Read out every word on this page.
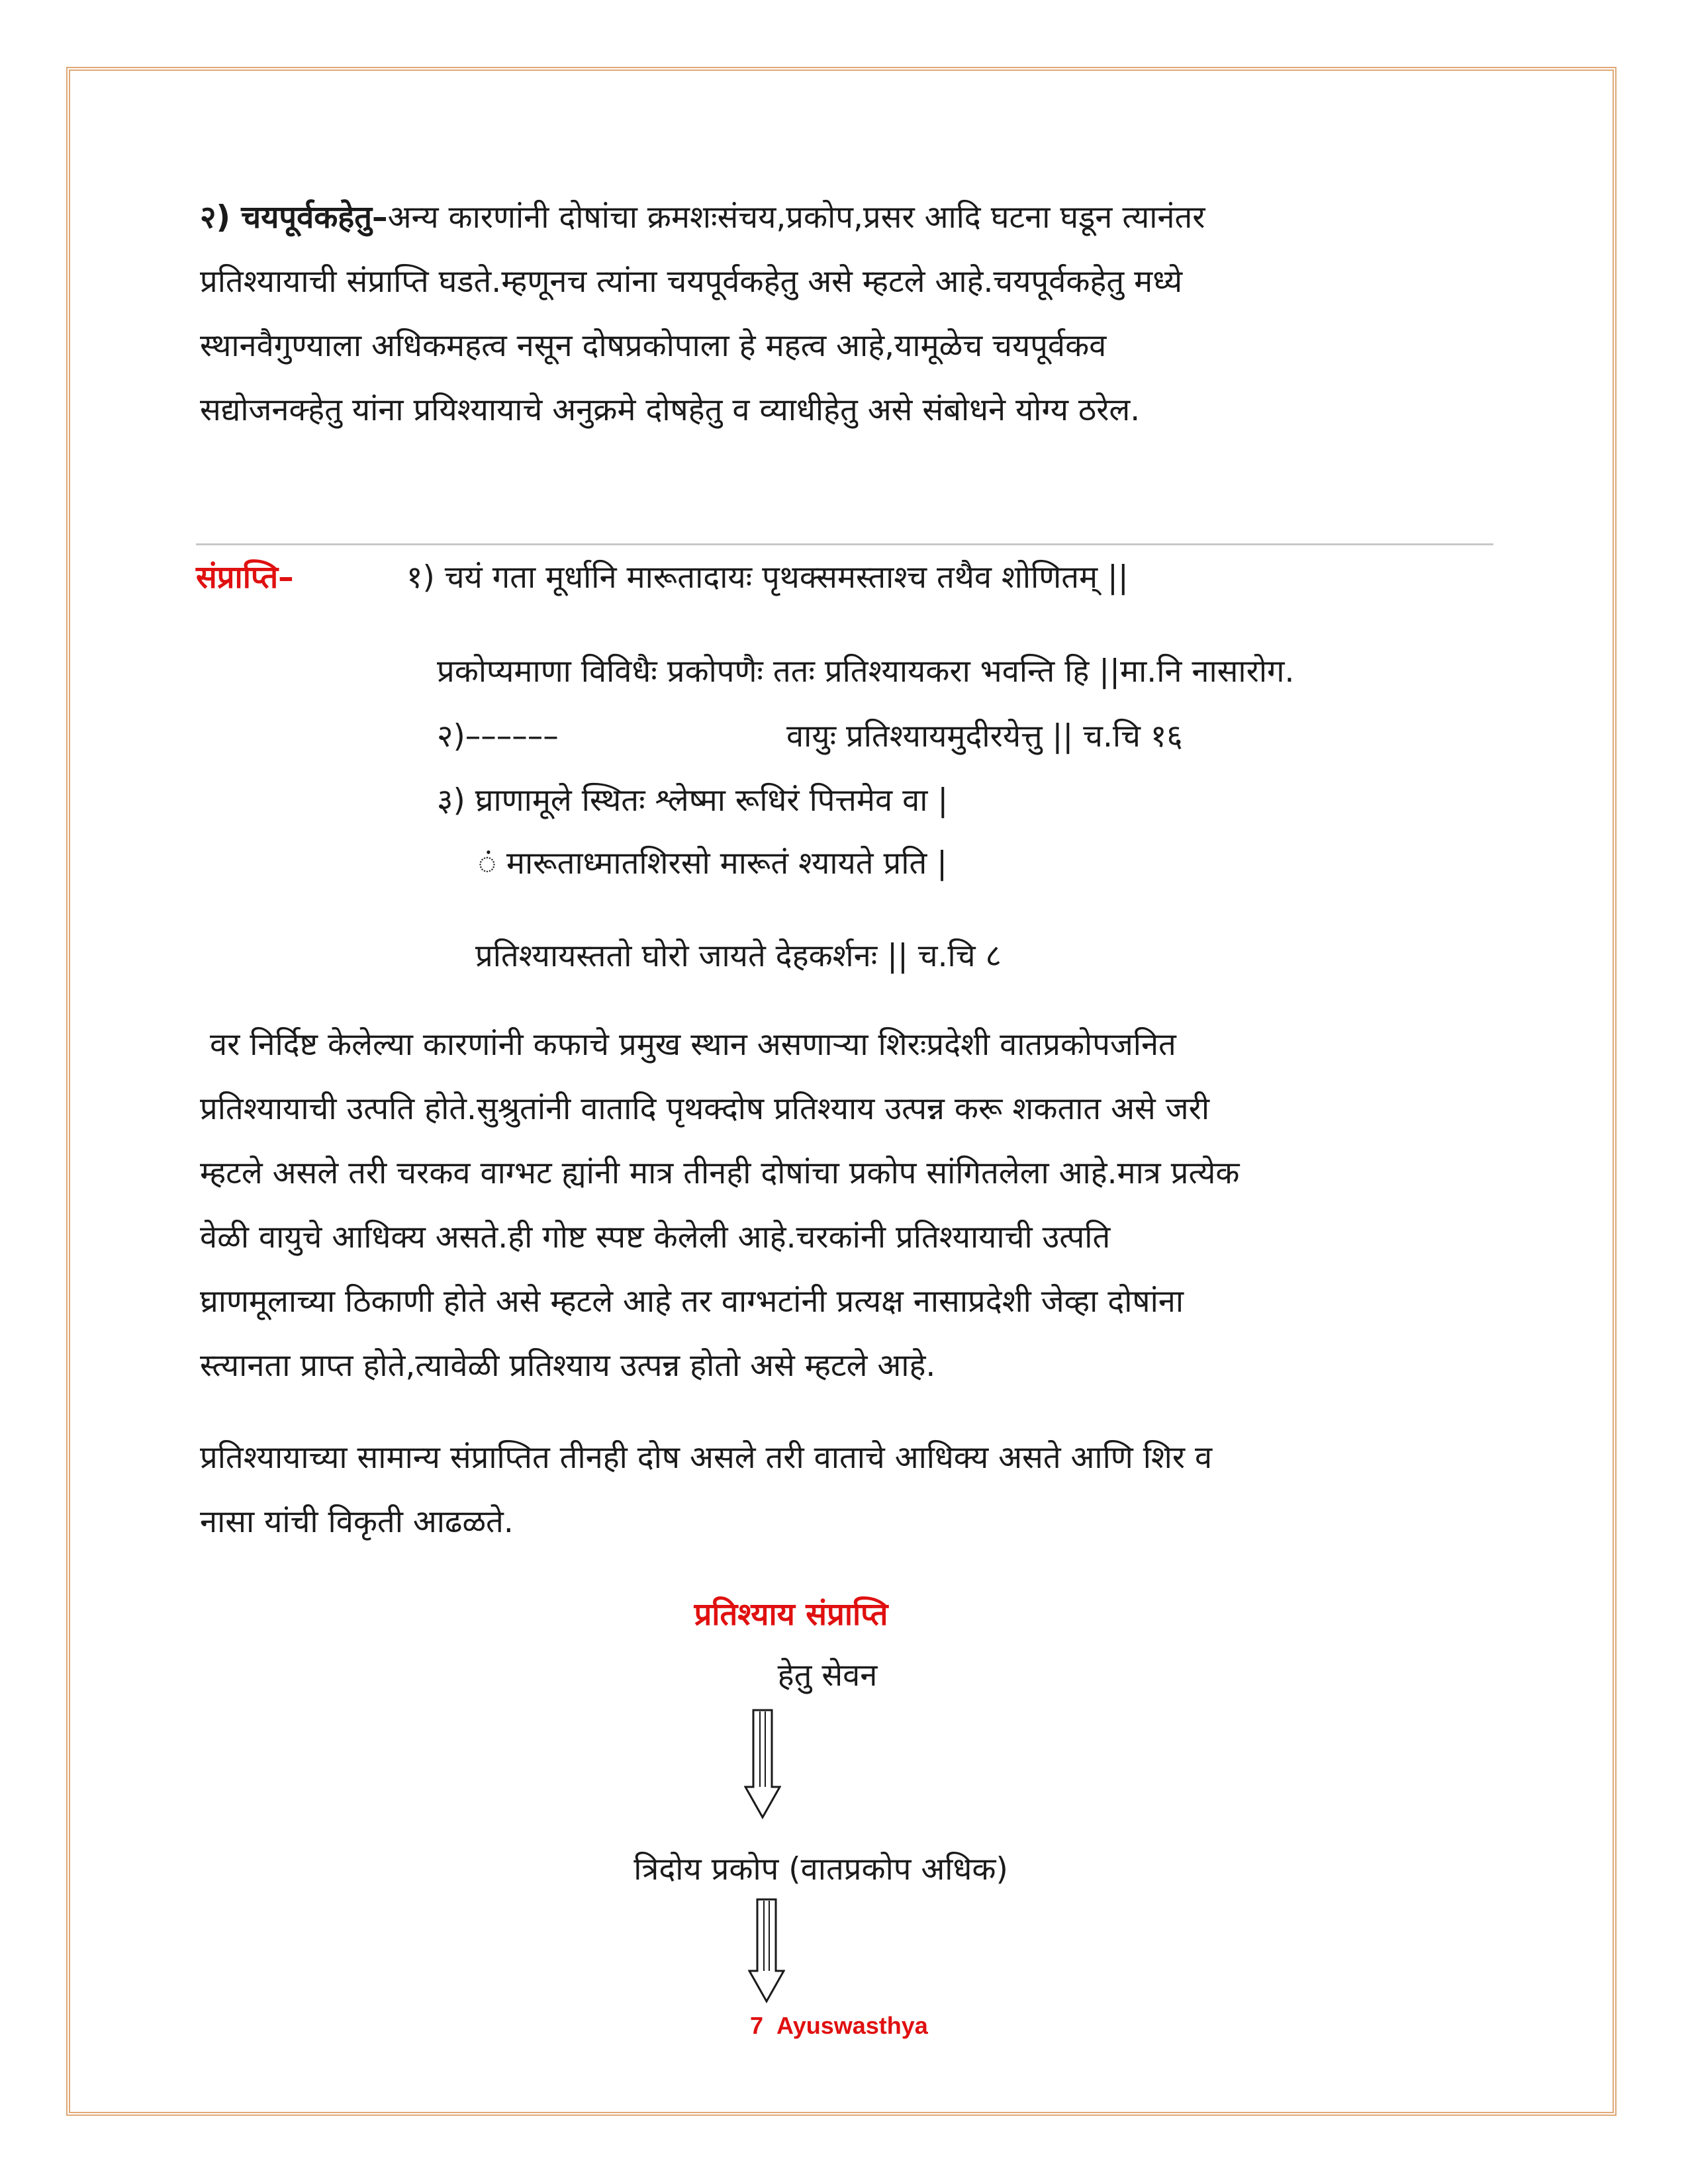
२) चयपूर्वकहेतु–अन्य कारणांनी दोषांचा क्रमशःसंचय,प्रकोप,प्रसर आदि घटना घडून त्यानंतर
प्रतिश्यायाची संप्राप्ति घडते.म्हणूनच त्यांना चयपूर्वकहेतु असे म्हटले आहे.चयपूर्वकहेतु मध्ये
स्थानवैगुण्याला अधिकमहत्व नसून दोषप्रकोपाला हे महत्व आहे,यामूळेच चयपूर्वकव
सद्योजनक्हेतु यांना प्रयिश्यायाचे अनुक्रमे दोषहेतु व व्याधीहेतु असे संबोधने योग्य ठरेल.

संप्राप्ति–	१) चयं गता मूर्धानि मारूतादायः पृथक्समस्ताश्च तथैव शोणितम् ||
प्रकोप्यमाणा विविधैः प्रकोपणैः ततः प्रतिश्यायकरा भवन्ति हि ||मा.नि नासारोग.
२)––––––	वायुः प्रतिश्यायमुदीरयेत्तु || च.चि १६
३) घ्राणामूले स्थितः श्लेष्मा रूधिरं पित्तमेव वा |
ं मारूताध्मातशिरसो मारूतं श्यायते प्रति |
प्रतिश्यायस्ततो घोरो जायते देहकर्शनः || च.चि ८

वर निर्दिष्ट केलेल्या कारणांनी कफाचे प्रमुख स्थान असणाऱ्या शिरःप्रदेशी वातप्रकोपजनित
प्रतिश्यायाची उत्पति होते.सुश्रुतांनी वातादि पृथक्दोष प्रतिश्याय उत्पन्न करू शकतात असे जरी
म्हटले असले तरी चरकव वाग्भट ह्यांनी मात्र तीनही दोषांचा प्रकोप सांगितलेला आहे.मात्र प्रत्येक
वेळी वायुचे आधिक्य असते.ही गोष्ट स्पष्ट केलेली आहे.चरकांनी प्रतिश्यायाची उत्पति
घ्राणमूलाच्या ठिकाणी होते असे म्हटले आहे तर वाग्भटांनी प्रत्यक्ष नासाप्रदेशी जेव्हा दोषांना
स्त्यानता प्राप्त होते,त्यावेळी प्रतिश्याय उत्पन्न होतो असे म्हटले आहे.

प्रतिश्यायाच्या सामान्य संप्राप्तित तीनही दोष असले तरी वाताचे आधिक्य असते आणि शिर व
नासा यांची विकृती आढळते.

प्रतिश्याय संप्राप्ति
हेतु सेवन
त्रिदोय प्रकोप (वातप्रकोप अधिक)
7 Ayuswasthya
